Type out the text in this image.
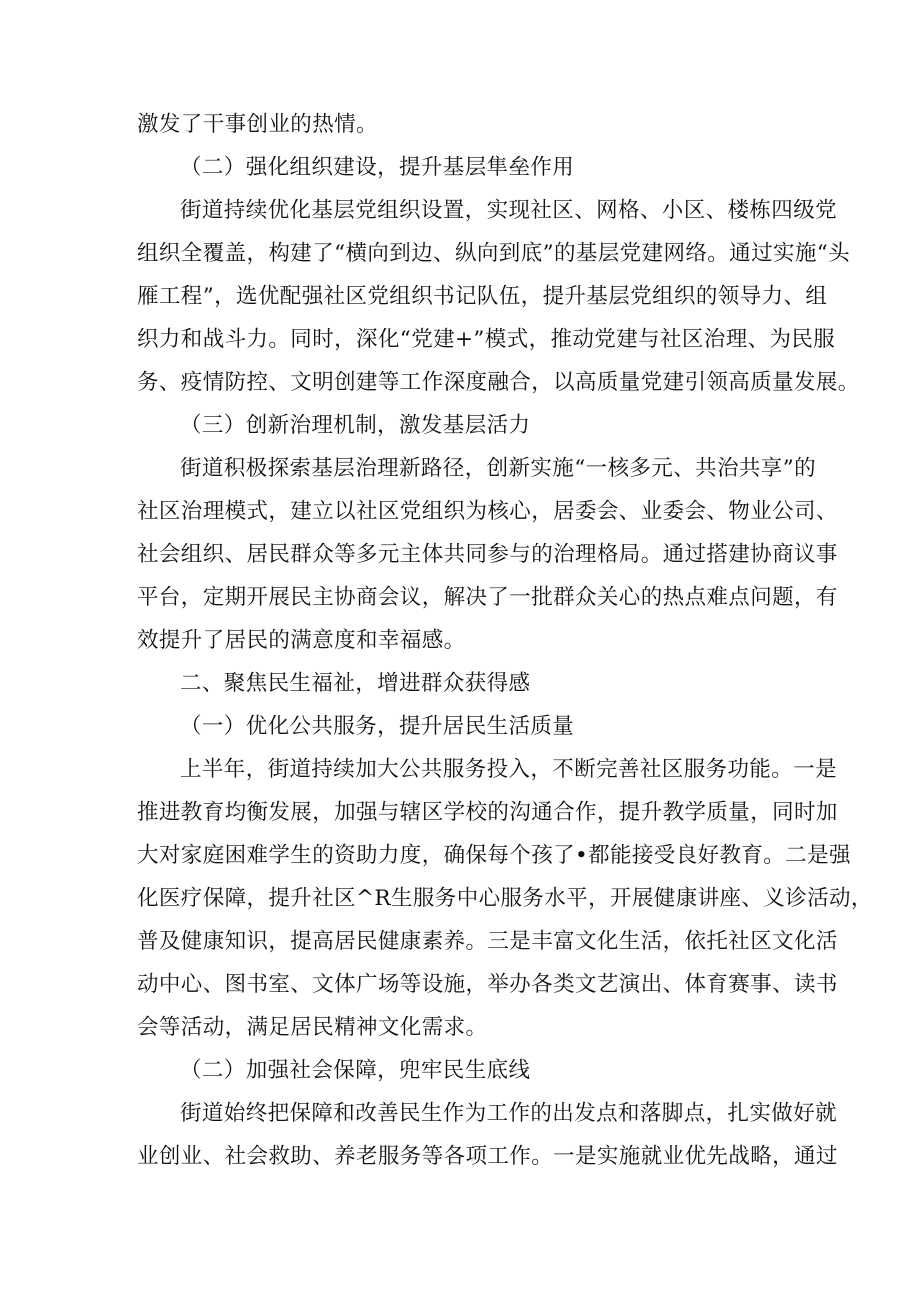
激发了干事创业的热情。
（二）强化组织建设，提升基层隼垒作用
街道持续优化基层党组织设置，实现社区、网格、小区、楼栋四级党
组织全覆盖，构建了“横向到边、纵向到底”的基层党建网络。通过实施“头
雁工程”，选优配强社区党组织书记队伍，提升基层党组织的领导力、组
织力和战斗力。同时，深化“党建+”模式，推动党建与社区治理、为民服
务、疫情防控、文明创建等工作深度融合，以高质量党建引领高质量发展。
（三）创新治理机制，激发基层活力
街道积极探索基层治理新路径，创新实施“一核多元、共治共享”的
社区治理模式，建立以社区党组织为核心，居委会、业委会、物业公司、
社会组织、居民群众等多元主体共同参与的治理格局。通过搭建协商议事
平台，定期开展民主协商会议，解决了一批群众关心的热点难点问题，有
效提升了居民的满意度和幸福感。
二、聚焦民生福祉，增进群众获得感
（一）优化公共服务，提升居民生活质量
上半年，街道持续加大公共服务投入，不断完善社区服务功能。一是
推进教育均衡发展，加强与辖区学校的沟通合作，提升教学质量，同时加
大对家庭困难学生的资助力度，确保每个孩了•都能接受良好教育。二是强
化医疗保障，提升社区^R生服务中心服务水平，开展健康讲座、义诊活动，
普及健康知识，提高居民健康素养。三是丰富文化生活，依托社区文化活
动中心、图书室、文体广场等设施，举办各类文艺演出、体育赛事、读书
会等活动，满足居民精神文化需求。
（二）加强社会保障，兜牢民生底线
街道始终把保障和改善民生作为工作的出发点和落脚点，扎实做好就
业创业、社会救助、养老服务等各项工作。一是实施就业优先战略，通过
